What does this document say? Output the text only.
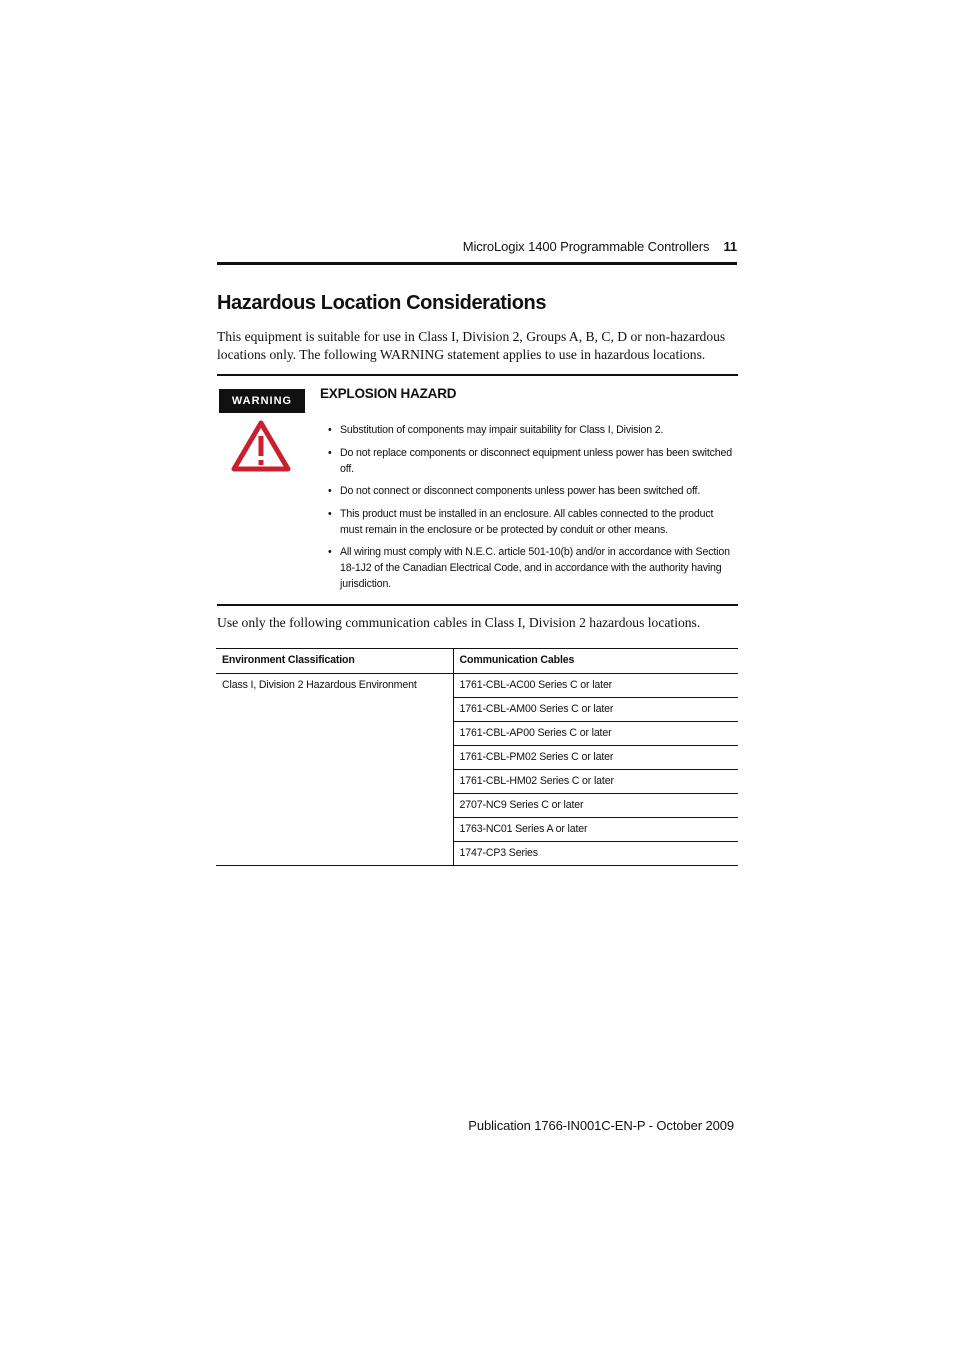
MicroLogix 1400 Programmable Controllers 11
Hazardous Location Considerations

This equipment is suitable for use in Class I, Division 2, Groups A, B, C, D or non-hazardous locations only. The following WARNING statement applies to use in hazardous locations.

WARNING	EXPLOSION HAZARD
• Substitution of components may impair suitability for Class I, Division 2.
• Do not replace components or disconnect equipment unless power has been switched off.
• Do not connect or disconnect components unless power has been switched off.
• This product must be installed in an enclosure. All cables connected to the product must remain in the enclosure or be protected by conduit or other means.
• All wiring must comply with N.E.C. article 501-10(b) and/or in accordance with Section 18-1J2 of the Canadian Electrical Code, and in accordance with the authority having jurisdiction.

Use only the following communication cables in Class I, Division 2 hazardous locations.

Environment Classification	Communication Cables
Class I, Division 2 Hazardous Environment	1761-CBL-AC00 Series C or later
	1761-CBL-AM00 Series C or later
	1761-CBL-AP00 Series C or later
	1761-CBL-PM02 Series C or later
	1761-CBL-HM02 Series C or later
	2707-NC9 Series C or later
	1763-NC01 Series A or later
	1747-CP3 Series
Publication 1766-IN001C-EN-P - October 2009
